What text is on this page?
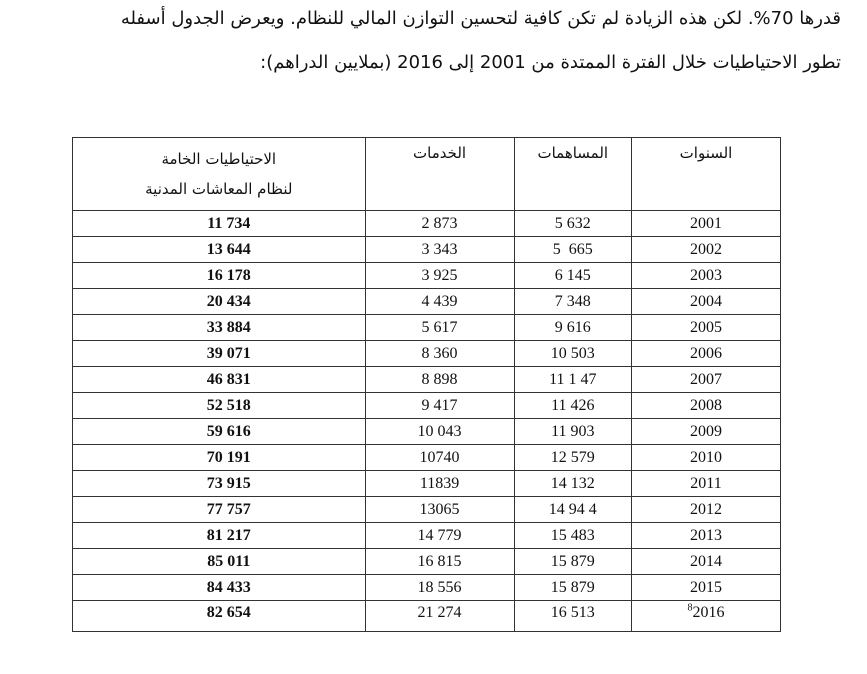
قدرها 70%. لكن هذه الزيادة لم تكن كافية لتحسين التوازن المالي للنظام. ويعرض الجدول أسفله
تطور الاحتياطيات خلال الفترة الممتدة من 2001 إلى 2016 (بملايين الدراهم):
الاحتياطيات الخامة
لنظام المعاشات المدنية	الخدمات	المساهمات	السنوات
11 734	2 873	5 632	2001
13 644	3 343	5  665	2002
16 178	3 925	6 145	2003
20 434	4 439	7 348	2004
33 884	5 617	9 616	2005
39 071	8 360	10 503	2006
46 831	8 898	11 1 47	2007
52 518	9 417	11 426	2008
59 616	10 043	11 903	2009
70 191	10740	12 579	2010
73 915	11839	14 132	2011
77 757	13065	14 94 4	2012
81 217	14 779	15 483	2013
85 011	16 815	15 879	2014
84 433	18 556	15 879	2015
82 654	21 274	16 513	$^8$2016
